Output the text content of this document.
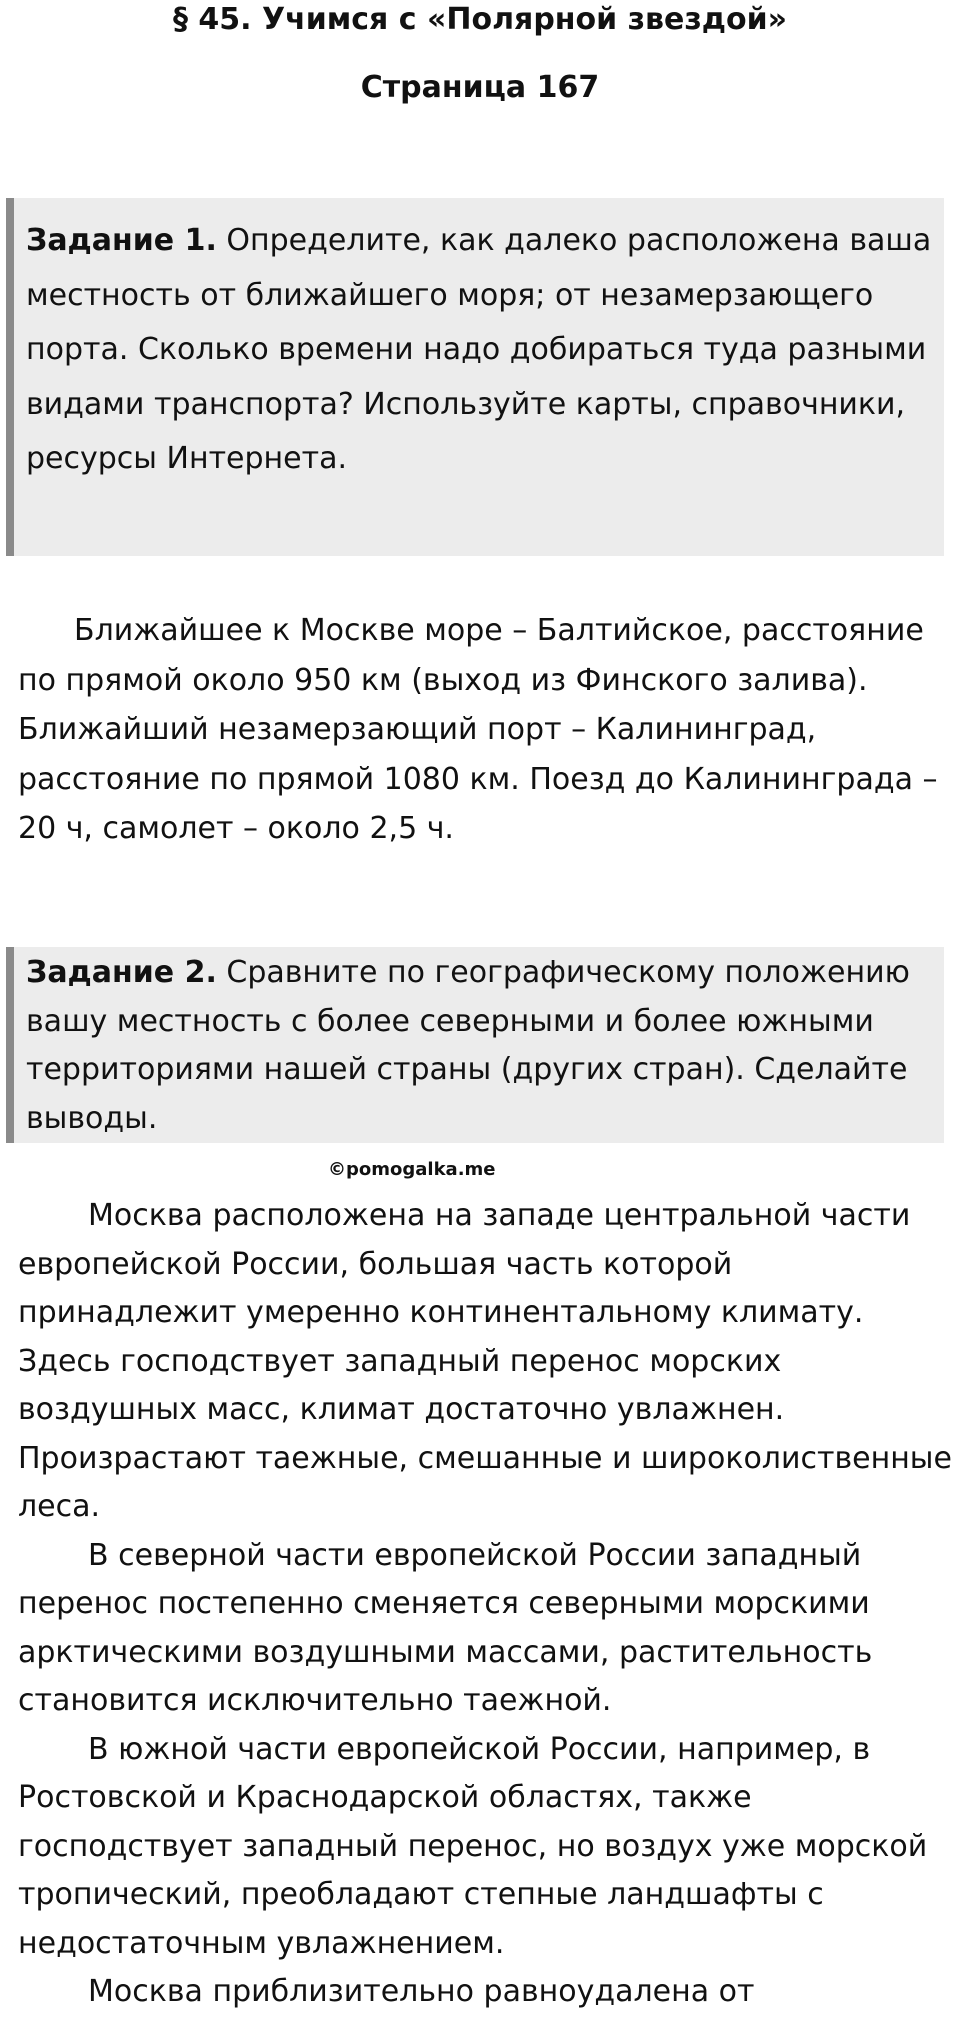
§ 45. Учимся с «Полярной звездой»
Страница 167
Задание 1. Определите, как далеко расположена ваша местность от ближайшего моря; от незамерзающего порта. Сколько времени надо добираться туда разными видами транспорта? Используйте карты, справочники, ресурсы Интернета.

Ближайшее к Москве море – Балтийское, расстояние по прямой около 950 км (выход из Финского залива). Ближайший незамерзающий порт – Калининград, расстояние по прямой 1080 км. Поезд до Калининграда – 20 ч, самолет – около 2,5 ч.

Задание 2. Сравните по географическому положению вашу местность с более северными и более южными территориями нашей страны (других стран). Сделайте выводы.
©pomogalka.me

Москва расположена на западе центральной части европейской России, большая часть которой принадлежит умеренно континентальному климату. Здесь господствует западный перенос морских воздушных масс, климат достаточно увлажнен. Произрастают таежные, смешанные и широколиственные леса.

В северной части европейской России западный перенос постепенно сменяется северными морскими арктическими воздушными массами, растительность становится исключительно таежной.

В южной части европейской России, например, в Ростовской и Краснодарской областях, также господствует западный перенос, но воздух уже морской тропический, преобладают степные ландшафты с недостаточным увлажнением.

Москва приблизительно равноудалена от
